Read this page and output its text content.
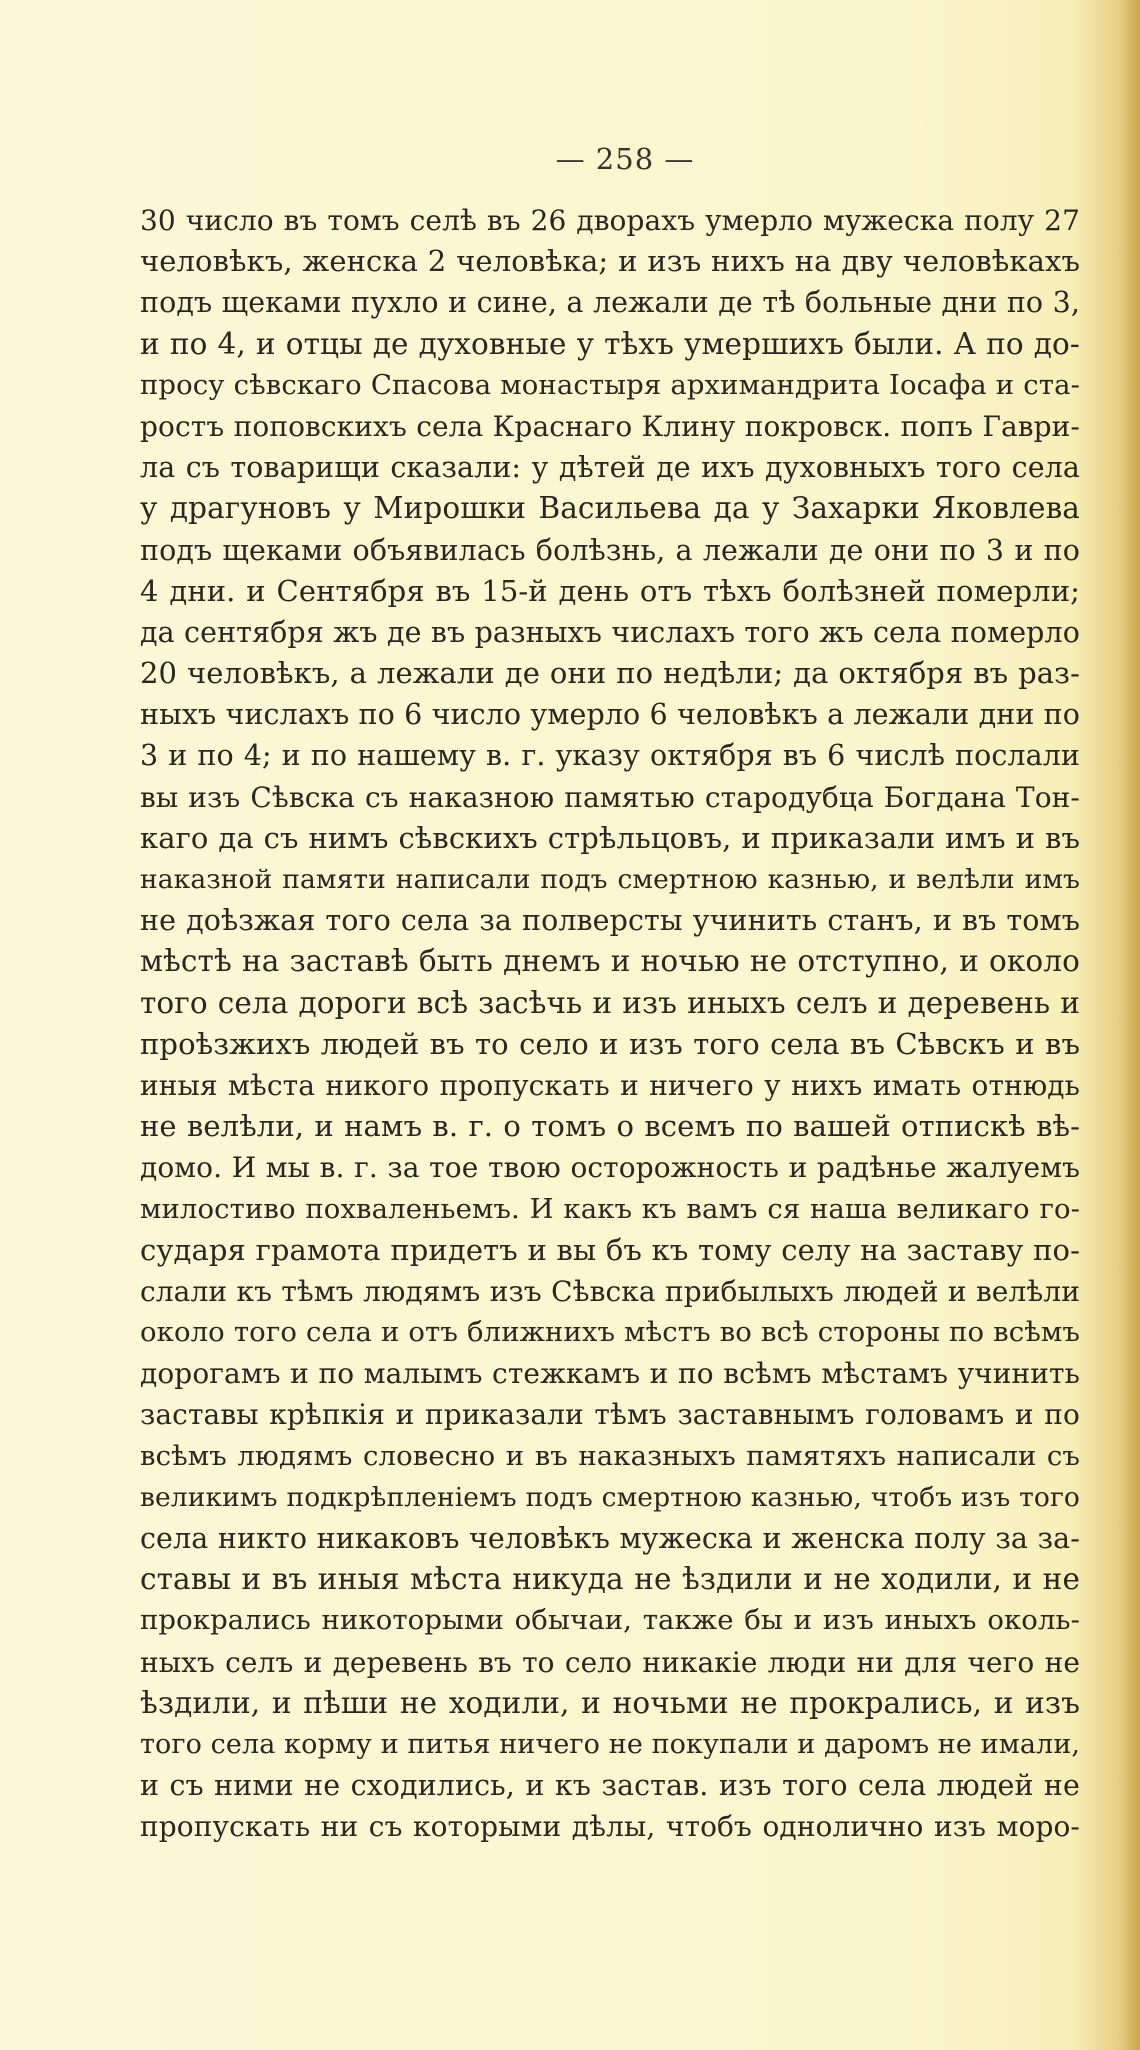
— 258 —
30 число въ томъ селѣ въ 26 дворахъ умерло мужеска полу 27
человѣкъ, женска 2 человѣка; и изъ нихъ на дву человѣкахъ
подъ щеками пухло и сине, а лежали де тѣ больные дни по 3,
и по 4, и отцы де духовные у тѣхъ умершихъ были. А по до-
просу сѣвскаго Спасова монастыря архимандрита Іосафа и ста-
ростъ поповскихъ села Краснаго Клину покровск. попъ Гаври-
ла съ товарищи сказали: у дѣтей де ихъ духовныхъ того села
у драгуновъ у Мирошки Васильева да у Захарки Яковлева
подъ щеками объявилась болѣзнь, а лежали де они по 3 и по
4 дни. и Сентября въ 15-й день отъ тѣхъ болѣзней померли;
да сентября жъ де въ разныхъ числахъ того жъ села померло
20 человѣкъ, а лежали де они по недѣли; да октября въ раз-
ныхъ числахъ по 6 число умерло 6 человѣкъ а лежали дни по
3 и по 4; и по нашему в. г. указу октября въ 6 числѣ послали
вы изъ Сѣвска съ наказною памятью стародубца Богдана Тон-
каго да съ нимъ сѣвскихъ стрѣльцовъ, и приказали имъ и въ
наказной памяти написали подъ смертною казнью, и велѣли имъ
не доѣзжая того села за полверсты учинить станъ, и въ томъ
мѣстѣ на заставѣ быть днемъ и ночью не отступно, и около
того села дороги всѣ засѣчь и изъ иныхъ селъ и деревень и
проѣзжихъ людей въ то село и изъ того села въ Сѣвскъ и въ
иныя мѣста никого пропускать и ничего у нихъ имать отнюдь
не велѣли, и намъ в. г. о томъ о всемъ по вашей отпискѣ вѣ-
домо. И мы в. г. за тое твою осторожность и радѣнье жалуемъ
милостиво похваленьемъ. И какъ къ вамъ ся наша великаго го-
сударя грамота придетъ и вы бъ къ тому селу на заставу по-
слали къ тѣмъ людямъ изъ Сѣвска прибылыхъ людей и велѣли
около того села и отъ ближнихъ мѣстъ во всѣ стороны по всѣмъ
дорогамъ и по малымъ стежкамъ и по всѣмъ мѣстамъ учинить
заставы крѣпкія и приказали тѣмъ заставнымъ головамъ и по
всѣмъ людямъ словесно и въ наказныхъ памятяхъ написали съ
великимъ подкрѣпленіемъ подъ смертною казнью, чтобъ изъ того
села никто никаковъ человѣкъ мужеска и женска полу за за-
ставы и въ иныя мѣста никуда не ѣздили и не ходили, и не
прокрались никоторыми обычаи, также бы и изъ иныхъ околь-
ныхъ селъ и деревень въ то село никакіе люди ни для чего не
ѣздили, и пѣши не ходили, и ночьми не прокрались, и изъ
того села корму и питья ничего не покупали и даромъ не имали,
и съ ними не сходились, и къ застав. изъ того села людей не
пропускать ни съ которыми дѣлы, чтобъ однолично изъ моро-
